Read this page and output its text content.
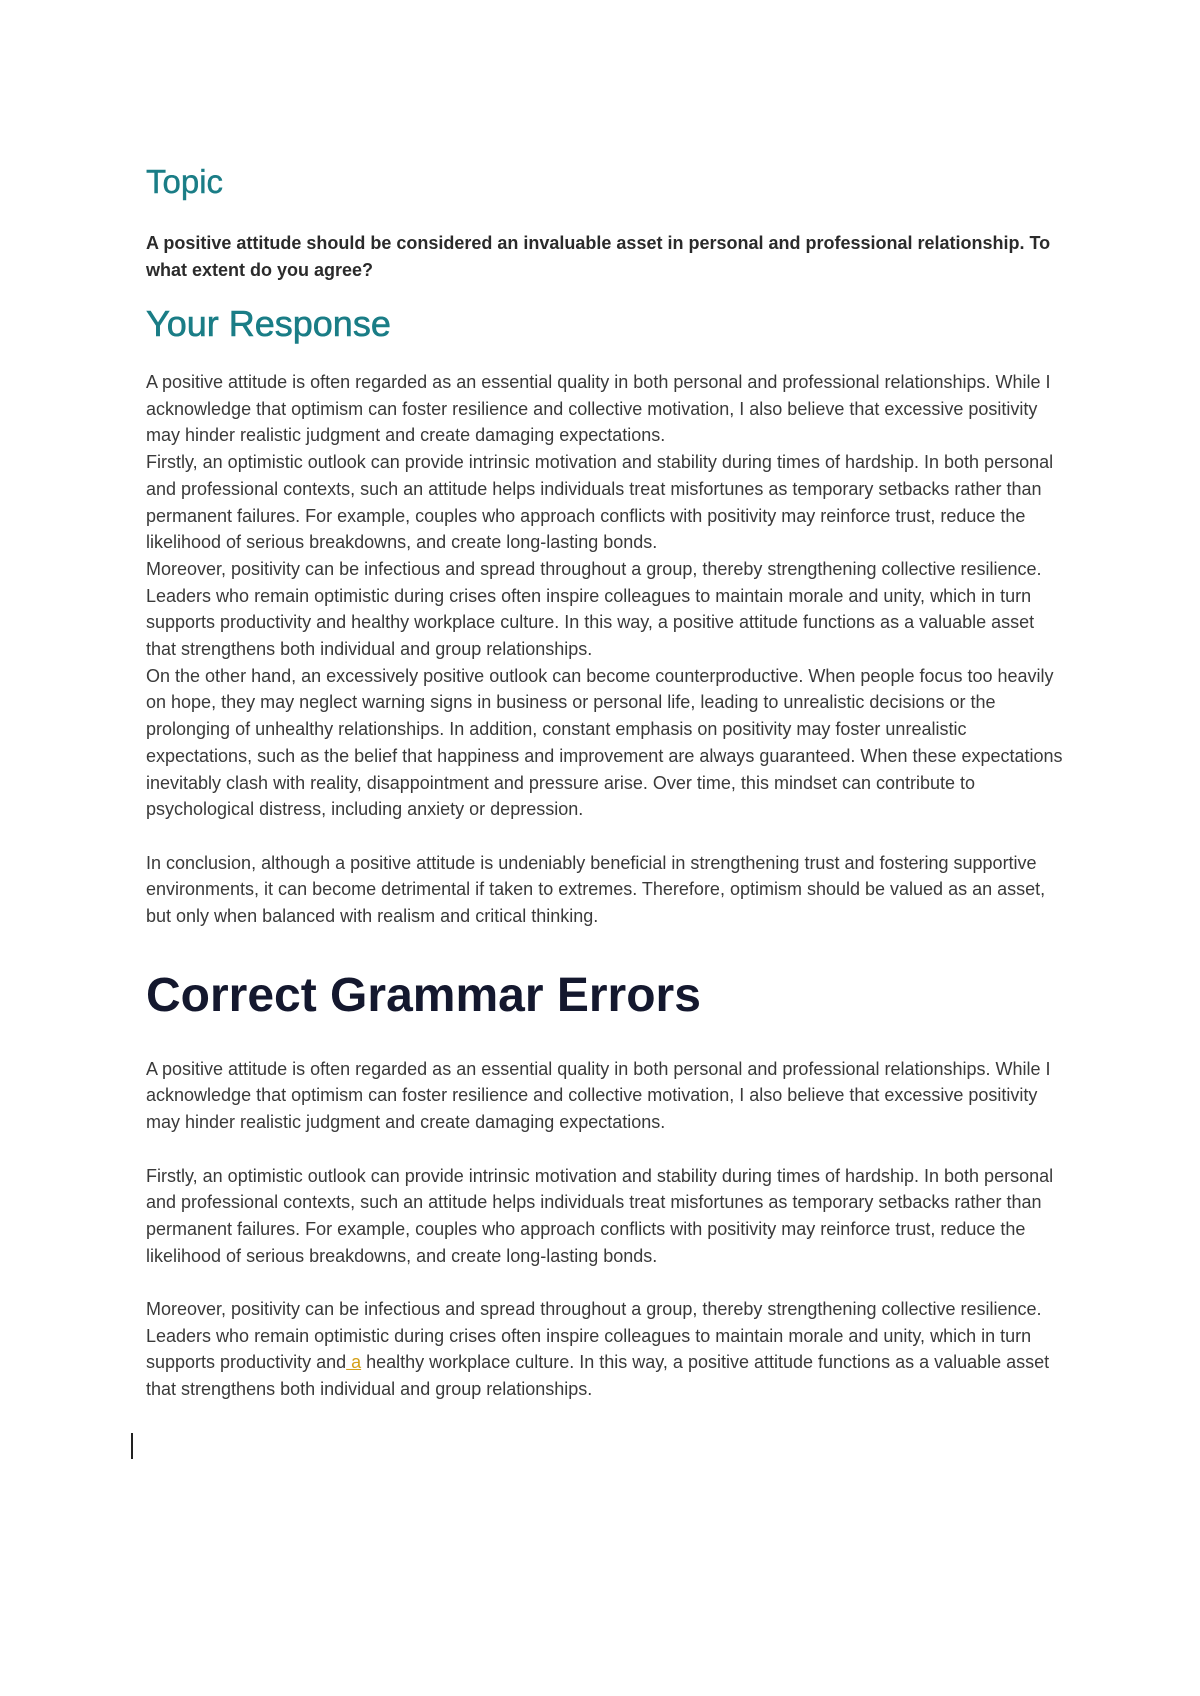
Topic

A positive attitude should be considered an invaluable asset in personal and professional relationship. To what extent do you agree?

Your Response

A positive attitude is often regarded as an essential quality in both personal and professional relationships. While I acknowledge that optimism can foster resilience and collective motivation, I also believe that excessive positivity may hinder realistic judgment and create damaging expectations.

Firstly, an optimistic outlook can provide intrinsic motivation and stability during times of hardship. In both personal and professional contexts, such an attitude helps individuals treat misfortunes as temporary setbacks rather than permanent failures. For example, couples who approach conflicts with positivity may reinforce trust, reduce the likelihood of serious breakdowns, and create long-lasting bonds.

Moreover, positivity can be infectious and spread throughout a group, thereby strengthening collective resilience. Leaders who remain optimistic during crises often inspire colleagues to maintain morale and unity, which in turn supports productivity and healthy workplace culture. In this way, a positive attitude functions as a valuable asset that strengthens both individual and group relationships.

On the other hand, an excessively positive outlook can become counterproductive. When people focus too heavily on hope, they may neglect warning signs in business or personal life, leading to unrealistic decisions or the prolonging of unhealthy relationships. In addition, constant emphasis on positivity may foster unrealistic expectations, such as the belief that happiness and improvement are always guaranteed. When these expectations inevitably clash with reality, disappointment and pressure arise. Over time, this mindset can contribute to psychological distress, including anxiety or depression.

In conclusion, although a positive attitude is undeniably beneficial in strengthening trust and fostering supportive environments, it can become detrimental if taken to extremes. Therefore, optimism should be valued as an asset, but only when balanced with realism and critical thinking.

Correct Grammar Errors

A positive attitude is often regarded as an essential quality in both personal and professional relationships. While I acknowledge that optimism can foster resilience and collective motivation, I also believe that excessive positivity may hinder realistic judgment and create damaging expectations.

Firstly, an optimistic outlook can provide intrinsic motivation and stability during times of hardship. In both personal and professional contexts, such an attitude helps individuals treat misfortunes as temporary setbacks rather than permanent failures. For example, couples who approach conflicts with positivity may reinforce trust, reduce the likelihood of serious breakdowns, and create long-lasting bonds.

Moreover, positivity can be infectious and spread throughout a group, thereby strengthening collective resilience. Leaders who remain optimistic during crises often inspire colleagues to maintain morale and unity, which in turn supports productivity and a healthy workplace culture. In this way, a positive attitude functions as a valuable asset that strengthens both individual and group relationships.
